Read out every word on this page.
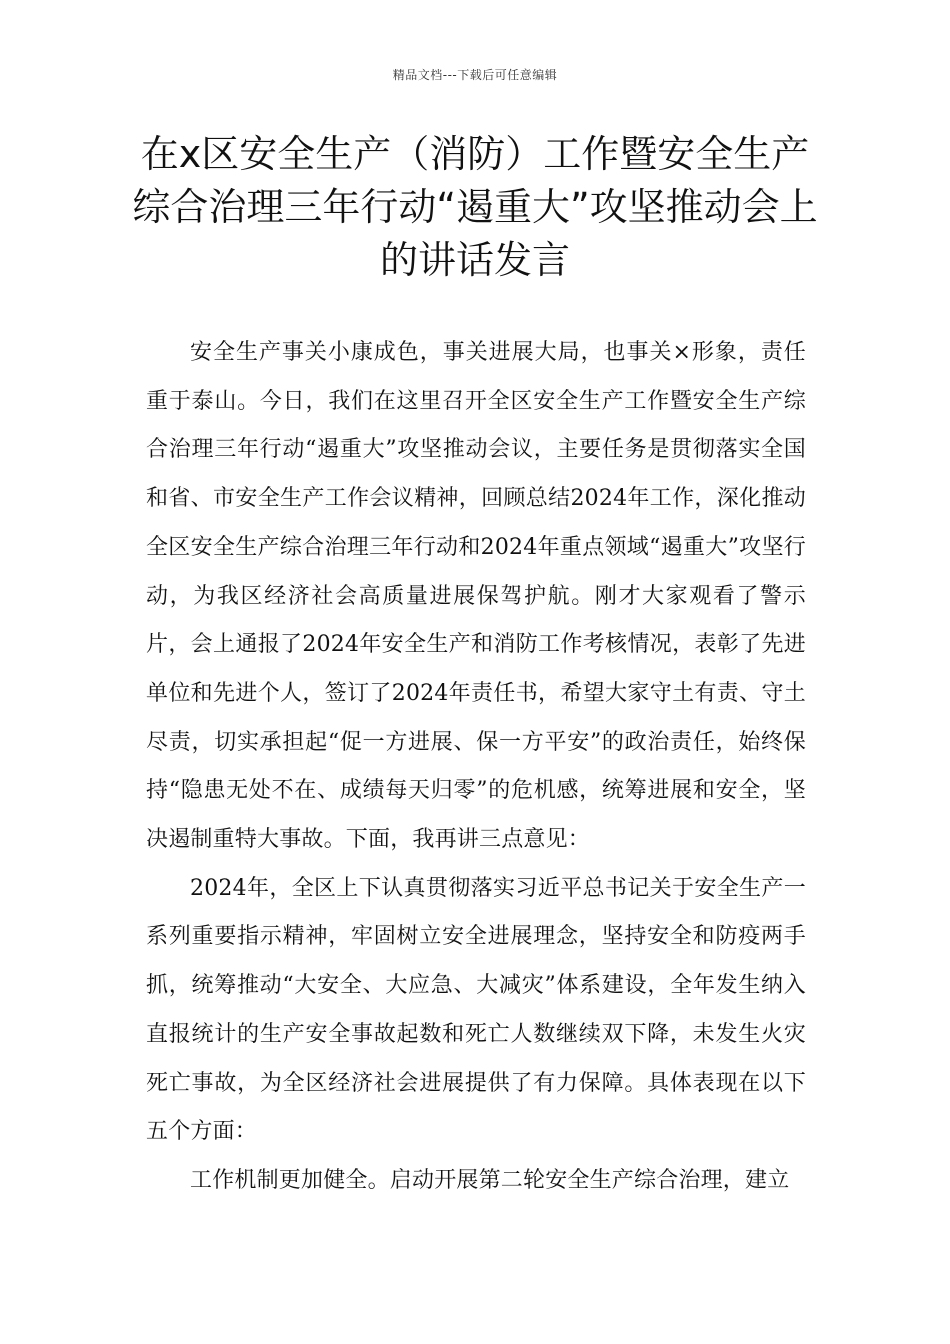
精品文档---下载后可任意编辑
在x区安全生产（消防）工作暨安全生产综合治理三年行动“遏重大”攻坚推动会上的讲话发言

安全生产事关小康成色，事关进展大局，也事关×形象，责任重于泰山。今日，我们在这里召开全区安全生产工作暨安全生产综合治理三年行动“遏重大”攻坚推动会议，主要任务是贯彻落实全国和省、市安全生产工作会议精神，回顾总结2024年工作，深化推动全区安全生产综合治理三年行动和2024年重点领域“遏重大”攻坚行动，为我区经济社会高质量进展保驾护航。刚才大家观看了警示片，会上通报了2024年安全生产和消防工作考核情况，表彰了先进单位和先进个人，签订了2024年责任书，希望大家守土有责、守土尽责，切实承担起“促一方进展、保一方平安”的政治责任，始终保持“隐患无处不在、成绩每天归零”的危机感，统筹进展和安全，坚决遏制重特大事故。下面，我再讲三点意见：

2024年，全区上下认真贯彻落实习近平总书记关于安全生产一系列重要指示精神，牢固树立安全进展理念，坚持安全和防疫两手抓，统筹推动“大安全、大应急、大减灾”体系建设，全年发生纳入直报统计的生产安全事故起数和死亡人数继续双下降，未发生火灾死亡事故，为全区经济社会进展提供了有力保障。具体表现在以下五个方面：

工作机制更加健全。启动开展第二轮安全生产综合治理，建立
